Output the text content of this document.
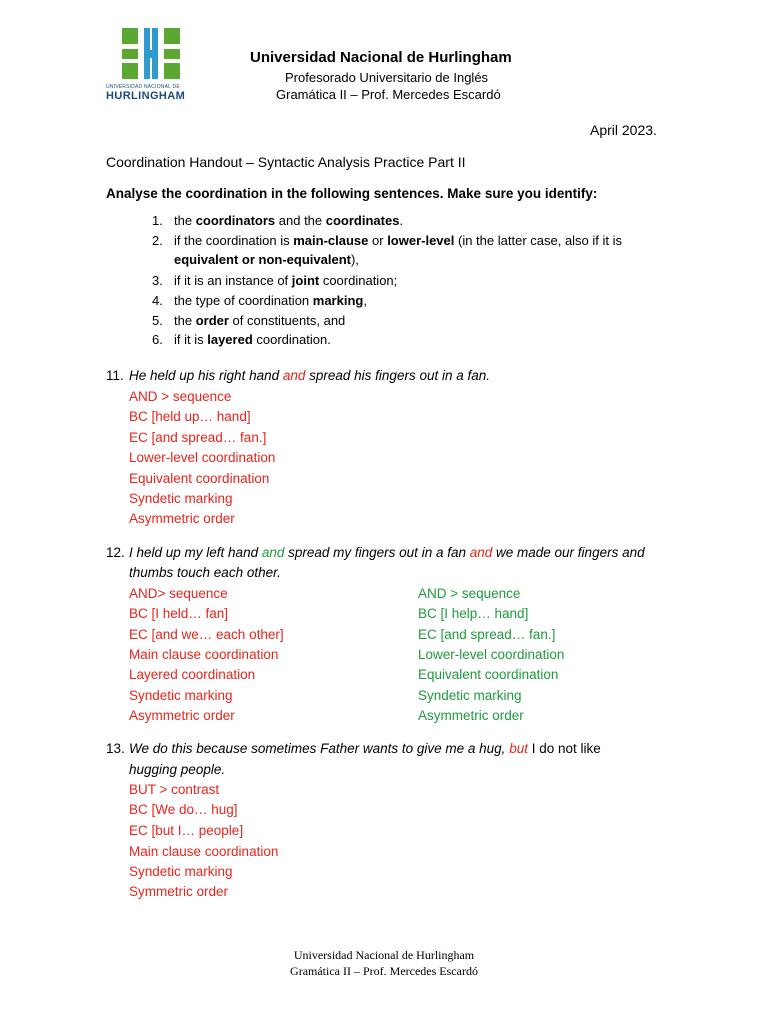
UNIVERSIDAD NACIONAL DE
HURLINGHAM
Universidad Nacional de Hurlingham
Profesorado Universitario de Inglés
Gramática II – Prof. Mercedes Escardó
April 2023.
Coordination Handout – Syntactic Analysis Practice Part II
Analyse the coordination in the following sentences. Make sure you identify:
1. the coordinators and the coordinates.
2. if the coordination is main-clause or lower-level (in the latter case, also if it is
equivalent or non-equivalent),
3. if it is an instance of joint coordination;
4. the type of coordination marking,
5. the order of constituents, and
6. if it is layered coordination.
11. He held up his right hand and spread his fingers out in a fan.
AND > sequence
BC [held up… hand]
EC [and spread… fan.]
Lower-level coordination
Equivalent coordination
Syndetic marking
Asymmetric order
12. I held up my left hand and spread my fingers out in a fan and we made our fingers and
thumbs touch each other.
AND> sequence
BC [I held… fan]
EC [and we… each other]
Main clause coordination
Layered coordination
Syndetic marking
Asymmetric order
AND > sequence
BC [I help… hand]
EC [and spread… fan.]
Lower-level coordination
Equivalent coordination
Syndetic marking
Asymmetric order
13. We do this because sometimes Father wants to give me a hug, but I do not like
hugging people.
BUT > contrast
BC [We do… hug]
EC [but I… people]
Main clause coordination
Syndetic marking
Symmetric order
Universidad Nacional de Hurlingham
Gramática II – Prof. Mercedes Escardó
